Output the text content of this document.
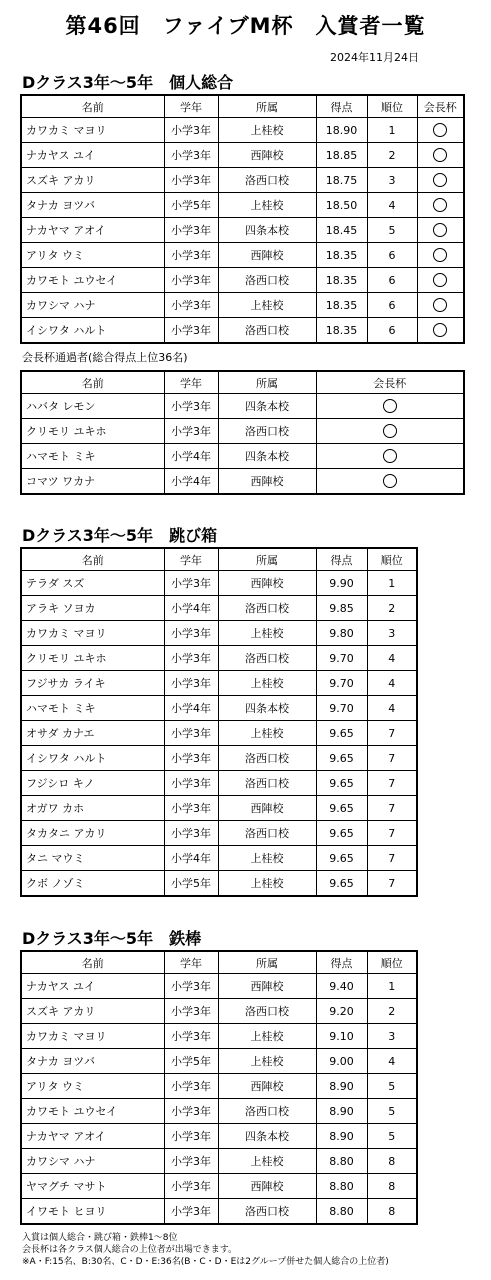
第46回　ファイブM杯　入賞者一覧
2024年11月24日
Dクラス3年～5年　個人総合
名前	学年	所属	得点	順位	会長杯
カワカミ マヨリ	小学3年	上桂校	18.90	1	
ナカヤス ユイ	小学3年	西陣校	18.85	2	
スズキ アカリ	小学3年	洛西口校	18.75	3	
タナカ ヨツバ	小学5年	上桂校	18.50	4	
ナカヤマ アオイ	小学3年	四条本校	18.45	5	
アリタ ウミ	小学3年	西陣校	18.35	6	
カワモト ユウセイ	小学3年	洛西口校	18.35	6	
カワシマ ハナ	小学3年	上桂校	18.35	6	
イシワタ ハルト	小学3年	洛西口校	18.35	6	
会長杯通過者(総合得点上位36名)
名前	学年	所属	会長杯
ハバタ レモン	小学3年	四条本校	
クリモリ ユキホ	小学3年	洛西口校	
ハマモト ミキ	小学4年	四条本校	
コマツ ワカナ	小学4年	西陣校	
Dクラス3年～5年　跳び箱
名前	学年	所属	得点	順位
テラダ スズ	小学3年	西陣校	9.90	1
アラキ ソヨカ	小学4年	洛西口校	9.85	2
カワカミ マヨリ	小学3年	上桂校	9.80	3
クリモリ ユキホ	小学3年	洛西口校	9.70	4
フジサカ ライキ	小学3年	上桂校	9.70	4
ハマモト ミキ	小学4年	四条本校	9.70	4
オサダ カナエ	小学3年	上桂校	9.65	7
イシワタ ハルト	小学3年	洛西口校	9.65	7
フジシロ キノ	小学3年	洛西口校	9.65	7
オガワ カホ	小学3年	西陣校	9.65	7
タカタニ アカリ	小学3年	洛西口校	9.65	7
タニ マウミ	小学4年	上桂校	9.65	7
クボ ノゾミ	小学5年	上桂校	9.65	7
Dクラス3年～5年　鉄棒
名前	学年	所属	得点	順位
ナカヤス ユイ	小学3年	西陣校	9.40	1
スズキ アカリ	小学3年	洛西口校	9.20	2
カワカミ マヨリ	小学3年	上桂校	9.10	3
タナカ ヨツバ	小学5年	上桂校	9.00	4
アリタ ウミ	小学3年	西陣校	8.90	5
カワモト ユウセイ	小学3年	洛西口校	8.90	5
ナカヤマ アオイ	小学3年	四条本校	8.90	5
カワシマ ハナ	小学3年	上桂校	8.80	8
ヤマグチ マサト	小学3年	西陣校	8.80	8
イワモト ヒヨリ	小学3年	洛西口校	8.80	8
入賞は個人総合・跳び箱・鉄棒1～8位
会長杯は各クラス個人総合の上位者が出場できます。
※A・F:15名、B:30名、C・D・E:36名(B・C・D・Eは2グループ併せた個人総合の上位者)
